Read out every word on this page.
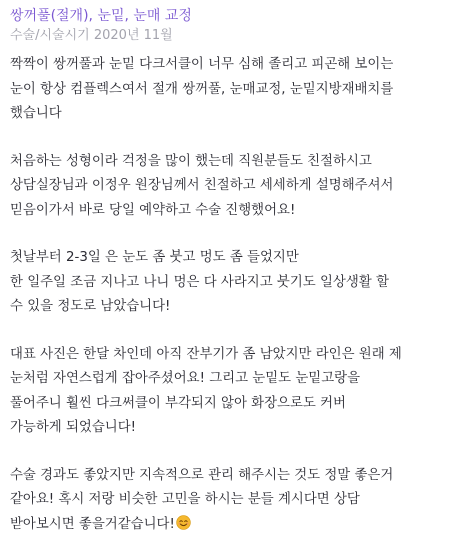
쌍꺼풀(절개), 눈밑, 눈매 교정
수술/시술시기 2020년 11월
짝짝이 쌍꺼풀과 눈밑 다크서클이 너무 심해 졸리고 피곤해 보이는
눈이 항상 컴플렉스여서 절개 쌍꺼풀, 눈매교정, 눈밑지방재배치를
했습니다
처음하는 성형이라 걱정을 많이 했는데 직원분들도 친절하시고
상담실장님과 이정우 원장님께서 친절하고 세세하게 설명해주셔서
믿음이가서 바로 당일 예약하고 수술 진행했어요!
첫날부터 2-3일 은 눈도 좀 붓고 멍도 좀 들었지만
한 일주일 조금 지나고 나니 멍은 다 사라지고 붓기도 일상생활 할
수 있을 정도로 남았습니다!
대표 사진은 한달 차인데 아직 잔부기가 좀 남았지만 라인은 원래 제
눈처럼 자연스럽게 잡아주셨어요! 그리고 눈밑도 눈밑고랑을
풀어주니 훨씬 다크써클이 부각되지 않아 화장으로도 커버
가능하게 되었습니다!
수술 경과도 좋았지만 지속적으로 관리 해주시는 것도 정말 좋은거
같아요! 혹시 저랑 비슷한 고민을 하시는 분들 계시다면 상담
받아보시면 좋을거같습니다!
